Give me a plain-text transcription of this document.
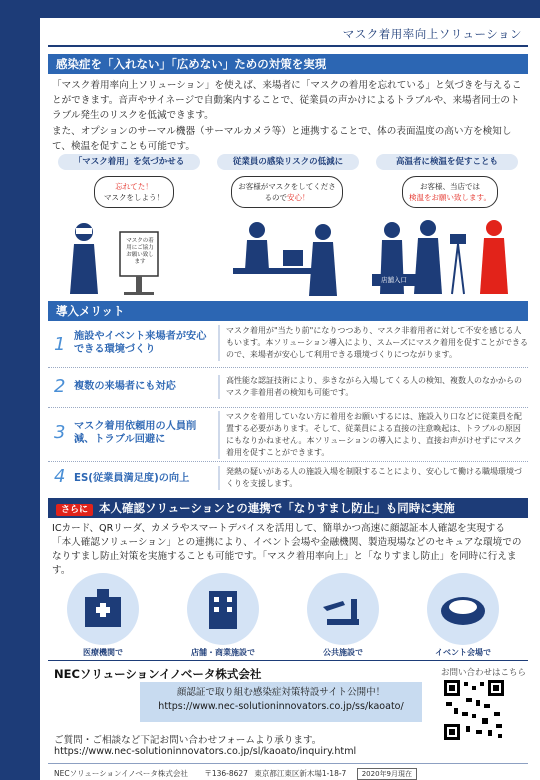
マスク着用率向上ソリューション
感染症を「入れない」「広めない」ための対策を実現
「マスク着用率向上ソリューション」を使えば、来場者に「マスクの着用を忘れている」と気づきを与えることができます。音声やサイネージで自動案内することで、従業員の声かけによるトラブルや、来場者同士のトラブル発生のリスクを低減できます。
また、オプションのサーマル機器（サーマルカメラ等）と連携することで、体の表面温度の高い方を検知して、検温を促すことも可能です。
「マスク着用」を気づかせる
忘れてた！
マスクをしよう！
マスクの着用にご協力お願い致します
従業員の感染リスクの低減に
お客様がマスクをしてくださるので安心！
高温者に検温を促すことも
お客様、当店では
検温をお願い致します。
店舗入口
導入メリット
1 施設やイベント来場者が安心できる環境づくり
マスク着用が"当たり前"になりつつあり、マスク非着用者に対して不安を感じる人もいます。本ソリューション導入により、スムーズにマスク着用を促すことができるので、来場者が安心して利用できる環境づくりにつながります。
2 複数の来場者にも対応
高性能な認証技術により、歩きながら入場してくる人の検知、複数人のなかからのマスク非着用者の検知も可能です。
3 マスク着用依頼用の人員削減、トラブル回避に
マスクを着用していない方に着用をお願いするには、施設入り口などに従業員を配置する必要があります。そして、従業員による直接の注意喚起は、トラブルの原因にもなりかねません。本ソリューションの導入により、直接お声がけせずにマスク着用を促すことができます。
4 ES(従業員満足度)の向上
発熱の疑いがある人の施設入場を制限することにより、安心して働ける職場環境づくりを支援します。
さらに 本人確認ソリューションとの連携で「なりすまし防止」も同時に実施
ICカード、QRリーダ、カメラやスマートデバイスを活用して、簡単かつ高速に顔認証本人確認を実現する「本人確認ソリューション」との連携により、イベント会場や金融機関、製造現場などのセキュアな環境でのなりすまし防止対策を実施することも可能です。「マスク着用率向上」と「なりすまし防止」を同時に行えます。
医療機関で	店舗・商業施設で	公共施設で	イベント会場で
NECソリューションイノベータ株式会社	お問い合わせはこちら
顔認証で取り組む感染症対策特設サイト公開中！
https://www.nec-solutioninnovators.co.jp/ss/kaoato/
ご質問・ご相談など下記お問い合わせフォームより承ります。
https://www.nec-solutioninnovators.co.jp/sl/kaoato/inquiry.html
NECソリューションイノベータ株式会社 〒136-8627 東京都江東区新木場1-18-7 2020年9月現在
